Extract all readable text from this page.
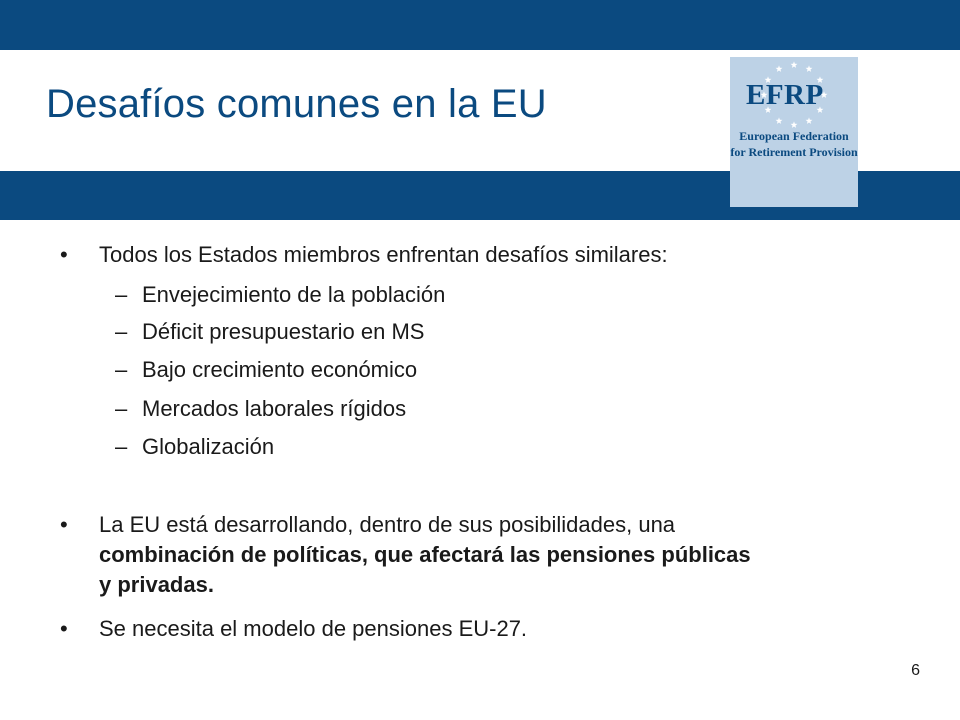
Desafíos comunes en la EU	EFRP
European Federation
for Retirement Provision
• Todos los Estados miembros enfrentan desafíos similares:
– Envejecimiento de la población
– Déficit presupuestario en MS
– Bajo crecimiento económico
– Mercados laborales rígidos
– Globalización
• La EU está desarrollando, dentro de sus posibilidades, una
combinación de políticas, que afectará las pensiones públicas
y privadas.
• Se necesita el modelo de pensiones EU-27.
6
